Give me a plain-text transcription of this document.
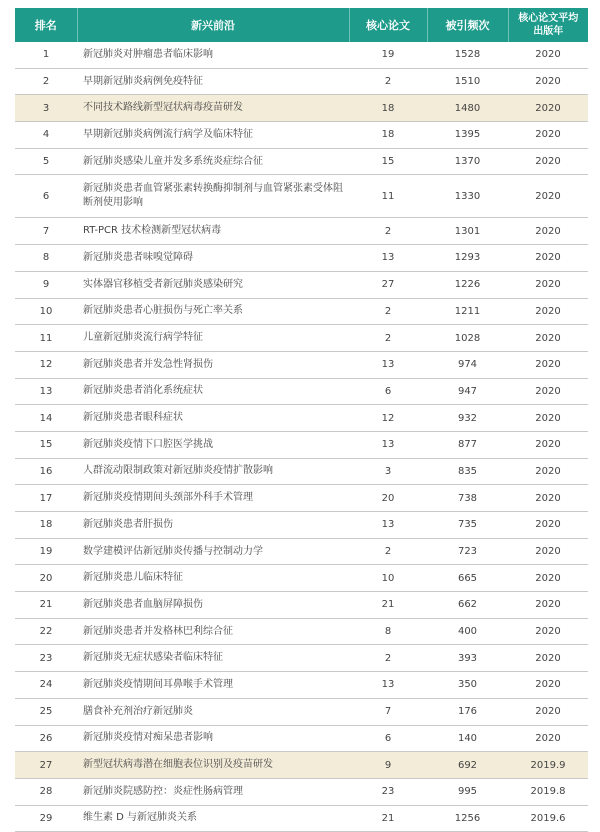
排名	新兴前沿	核心论文	被引频次	核心论文平均
出版年
1	新冠肺炎对肿瘤患者临床影响	19	1528	2020
2	早期新冠肺炎病例免疫特征	2	1510	2020
3	不同技术路线新型冠状病毒疫苗研发	18	1480	2020
4	早期新冠肺炎病例流行病学及临床特征	18	1395	2020
5	新冠肺炎感染儿童并发多系统炎症综合征	15	1370	2020
6	新冠肺炎患者血管紧张素转换酶抑制剂与血管紧张素受体阻断剂使用影响	11	1330	2020
7	RT-PCR 技术检测新型冠状病毒	2	1301	2020
8	新冠肺炎患者味嗅觉障碍	13	1293	2020
9	实体器官移植受者新冠肺炎感染研究	27	1226	2020
10	新冠肺炎患者心脏损伤与死亡率关系	2	1211	2020
11	儿童新冠肺炎流行病学特征	2	1028	2020
12	新冠肺炎患者并发急性肾损伤	13	974	2020
13	新冠肺炎患者消化系统症状	6	947	2020
14	新冠肺炎患者眼科症状	12	932	2020
15	新冠肺炎疫情下口腔医学挑战	13	877	2020
16	人群流动限制政策对新冠肺炎疫情扩散影响	3	835	2020
17	新冠肺炎疫情期间头颈部外科手术管理	20	738	2020
18	新冠肺炎患者肝损伤	13	735	2020
19	数学建模评估新冠肺炎传播与控制动力学	2	723	2020
20	新冠肺炎患儿临床特征	10	665	2020
21	新冠肺炎患者血脑屏障损伤	21	662	2020
22	新冠肺炎患者并发格林巴利综合征	8	400	2020
23	新冠肺炎无症状感染者临床特征	2	393	2020
24	新冠肺炎疫情期间耳鼻喉手术管理	13	350	2020
25	膳食补充剂治疗新冠肺炎	7	176	2020
26	新冠肺炎疫情对痴呆患者影响	6	140	2020
27	新型冠状病毒潜在细胞表位识别及疫苗研发	9	692	2019.9
28	新冠肺炎院感防控：炎症性肠病管理	23	995	2019.8
29	维生素 D 与新冠肺炎关系	21	1256	2019.6
